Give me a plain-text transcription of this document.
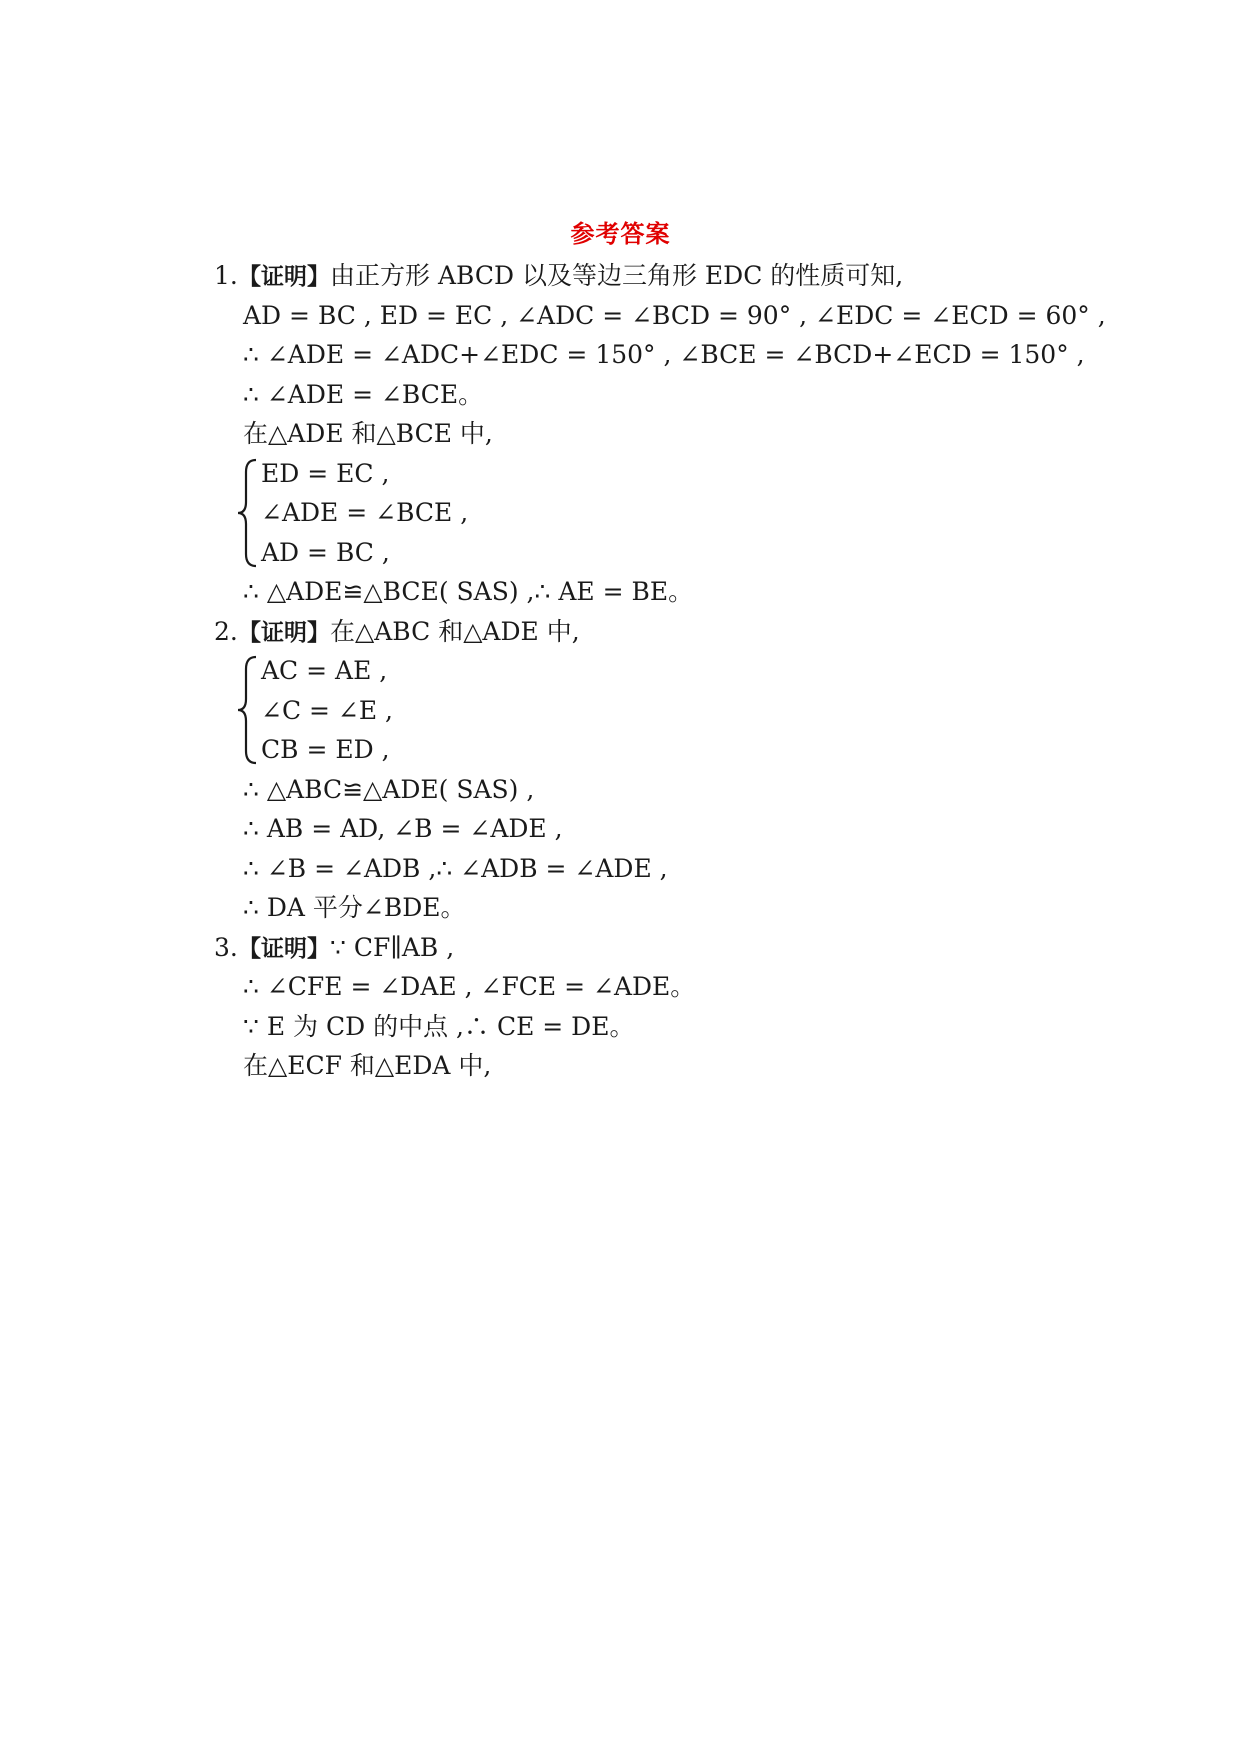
参考答案
1.【证明】由正方形 ABCD 以及等边三角形 EDC 的性质可知,
AD = BC , ED = EC , ∠ADC = ∠BCD = 90° , ∠EDC = ∠ECD = 60° ,
∴ ∠ADE = ∠ADC+∠EDC = 150° , ∠BCE = ∠BCD+∠ECD = 150° ,
∴ ∠ADE = ∠BCE。
在△ADE 和△BCE 中,
ED = EC ,
∠ADE = ∠BCE ,
AD = BC ,
∴ △ADE≌△BCE( SAS) ,∴ AE = BE。
2.【证明】在△ABC 和△ADE 中,
AC = AE ,
∠C = ∠E ,
CB = ED ,
∴ △ABC≌△ADE( SAS) ,
∴ AB = AD, ∠B = ∠ADE ,
∴ ∠B = ∠ADB ,∴ ∠ADB = ∠ADE ,
∴ DA 平分∠BDE。
3.【证明】∵ CF∥AB ,
∴ ∠CFE = ∠DAE , ∠FCE = ∠ADE。
∵ E 为 CD 的中点 ,∴ CE = DE。
在△ECF 和△EDA 中,
